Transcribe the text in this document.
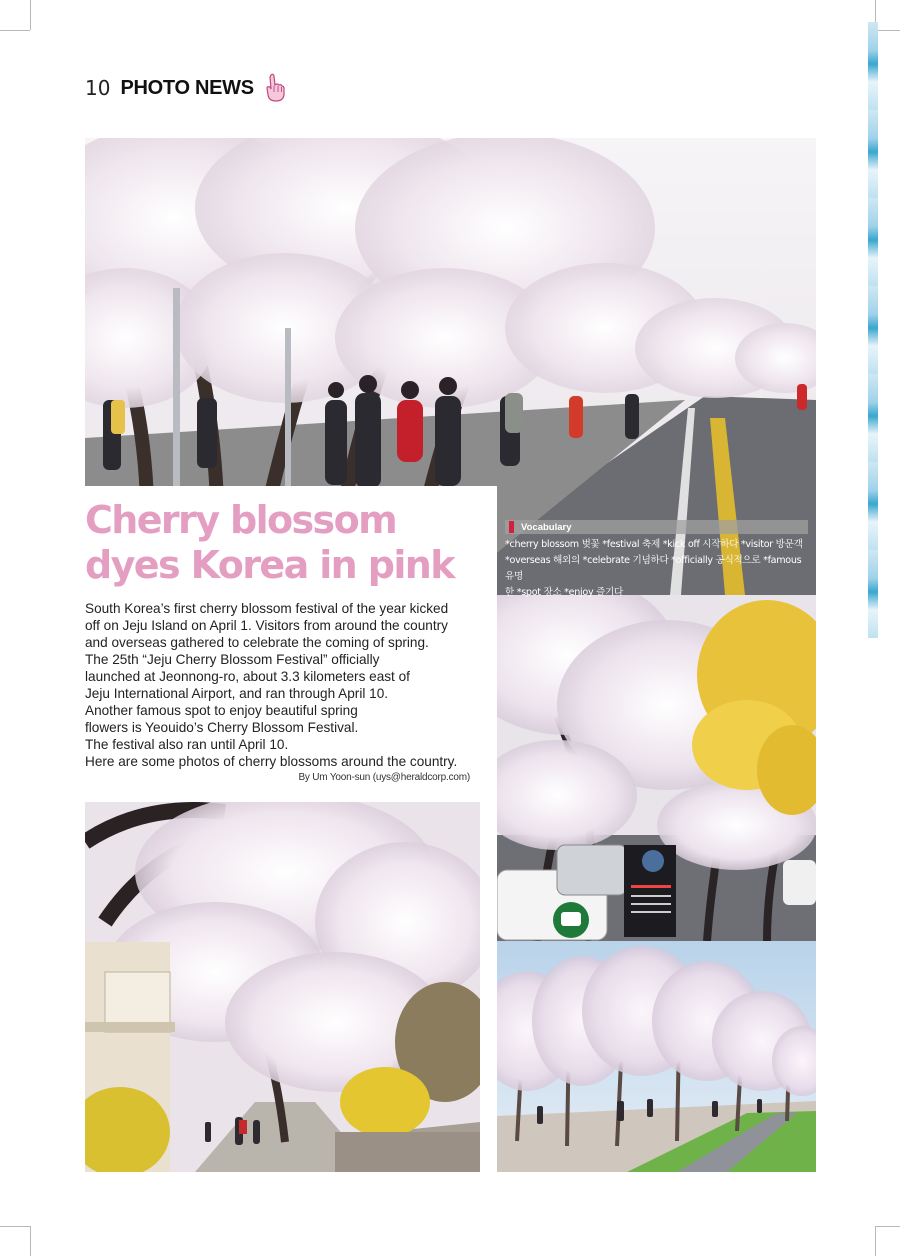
10 PHOTO NEWS
Cherry blossom
dyes Korea in pink

South Korea’s first cherry blossom festival of the year kicked

off on Jeju Island on April 1. Visitors from around the country

and overseas gathered to celebrate the coming of spring.

The 25th “Jeju Cherry Blossom Festival” officially

launched at Jeonnong-ro, about 3.3 kilometers east of

Jeju International Airport, and ran through April 10.

Another famous spot to enjoy beautiful spring

flowers is Yeouido’s Cherry Blossom Festival.

The festival also ran until April 10.

Here are some photos of cherry blossoms around the country.

By Um Yoon-sun (uys@heraldcorp.com)
Vocabulary
*cherry blossom 벚꽃 *festival 축제 *kick off 시작하다 *visitor 방문객
*overseas 해외의 *celebrate 기념하다 *officially 공식적으로 *famous 유명
한 *spot 장소 *enjoy 즐기다
